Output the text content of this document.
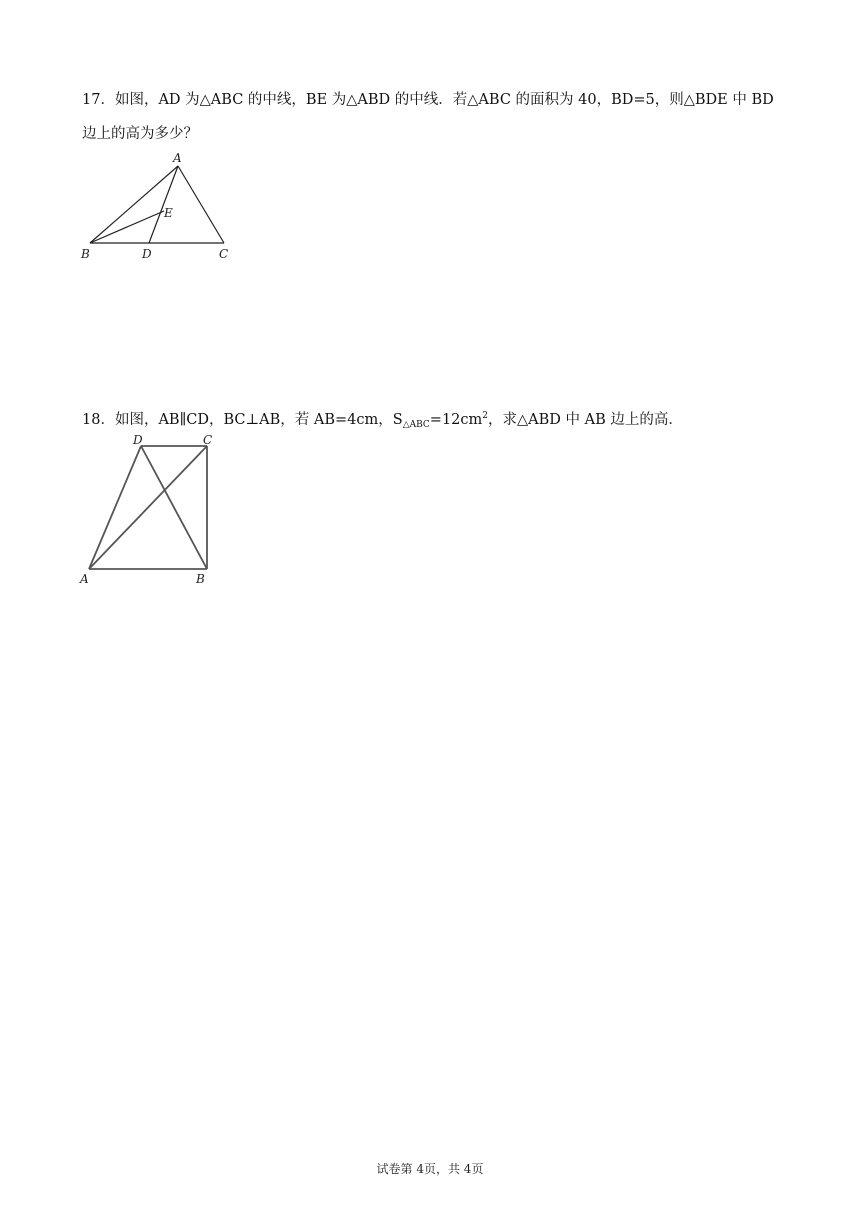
17．如图，AD 为△ABC 的中线，BE 为△ABD 的中线．若△ABC 的面积为 40，BD=5，则△BDE 中 BD
边上的高为多少？
A
E
B	D	C
18．如图，AB∥CD，BC⊥AB，若 AB=4cm，$S_{\triangle ABC}=12cm^2$，求△ABD 中 AB 边上的高．
D	C
A	B
试卷第 4页，共 4页
